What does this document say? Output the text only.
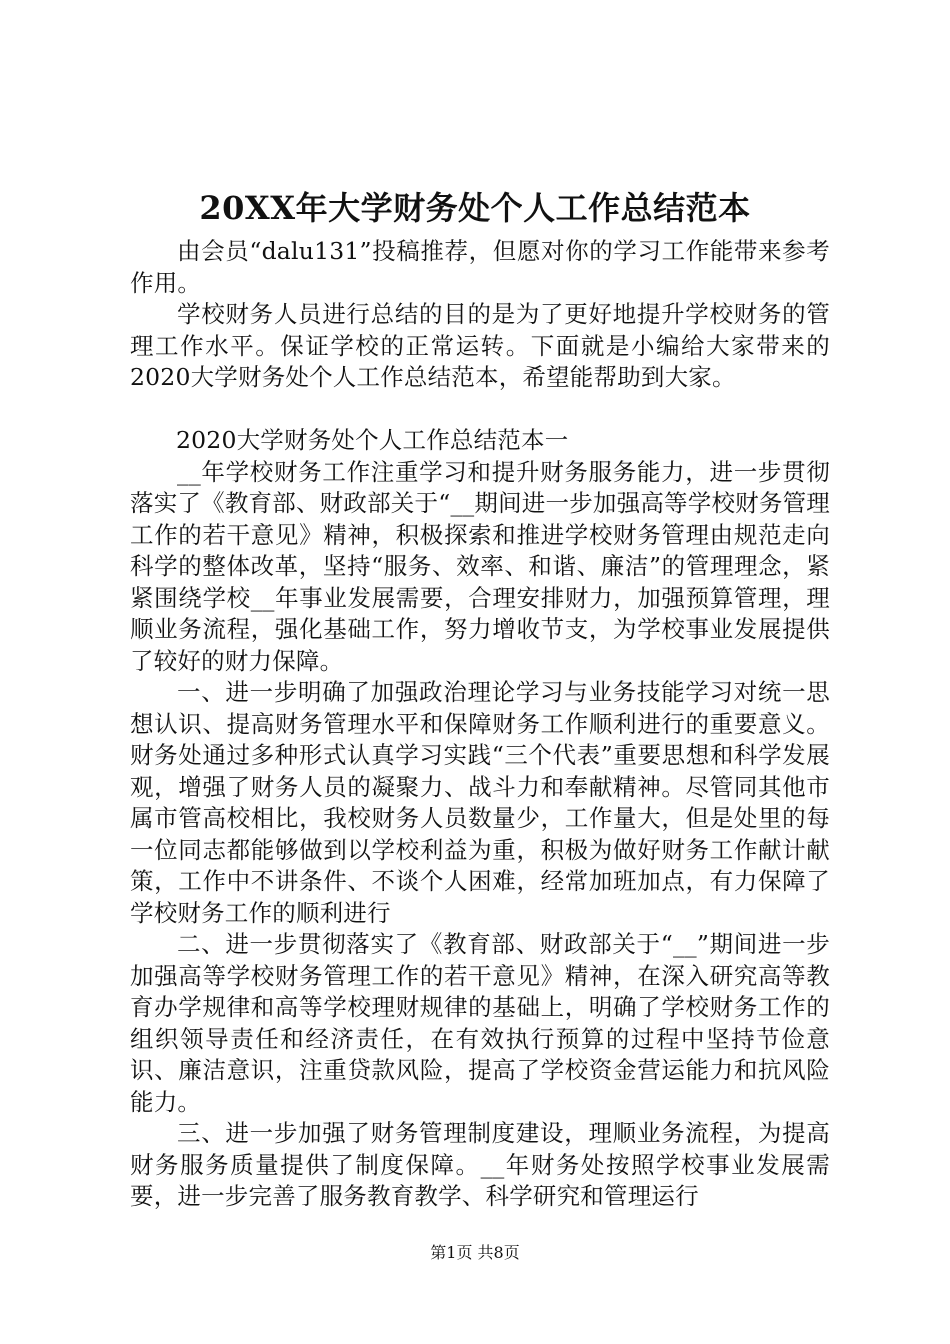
20XX年大学财务处个人工作总结范本

由会员“dalu131”投稿推荐，但愿对你的学习工作能带来参考作用。

学校财务人员进行总结的目的是为了更好地提升学校财务的管理工作水平。保证学校的正常运转。下面就是小编给大家带来的2020大学财务处个人工作总结范本，希望能帮助到大家。

2020大学财务处个人工作总结范本一

__年学校财务工作注重学习和提升财务服务能力，进一步贯彻落实了《教育部、财政部关于“__期间进一步加强高等学校财务管理工作的若干意见》精神，积极探索和推进学校财务管理由规范走向科学的整体改革，坚持“服务、效率、和谐、廉洁”的管理理念，紧紧围绕学校__年事业发展需要，合理安排财力，加强预算管理，理顺业务流程，强化基础工作，努力增收节支，为学校事业发展提供了较好的财力保障。

一、进一步明确了加强政治理论学习与业务技能学习对统一思想认识、提高财务管理水平和保障财务工作顺利进行的重要意义。财务处通过多种形式认真学习实践“三个代表”重要思想和科学发展观，增强了财务人员的凝聚力、战斗力和奉献精神。尽管同其他市属市管高校相比，我校财务人员数量少，工作量大，但是处里的每一位同志都能够做到以学校利益为重，积极为做好财务工作献计献策，工作中不讲条件、不谈个人困难，经常加班加点，有力保障了学校财务工作的顺利进行

二、进一步贯彻落实了《教育部、财政部关于“__”期间进一步加强高等学校财务管理工作的若干意见》精神，在深入研究高等教育办学规律和高等学校理财规律的基础上，明确了学校财务工作的组织领导责任和经济责任，在有效执行预算的过程中坚持节俭意识、廉洁意识，注重贷款风险，提高了学校资金营运能力和抗风险能力。

三、进一步加强了财务管理制度建设，理顺业务流程，为提高财务服务质量提供了制度保障。__年财务处按照学校事业发展需要，进一步完善了服务教育教学、科学研究和管理运行

第1页 共8页
